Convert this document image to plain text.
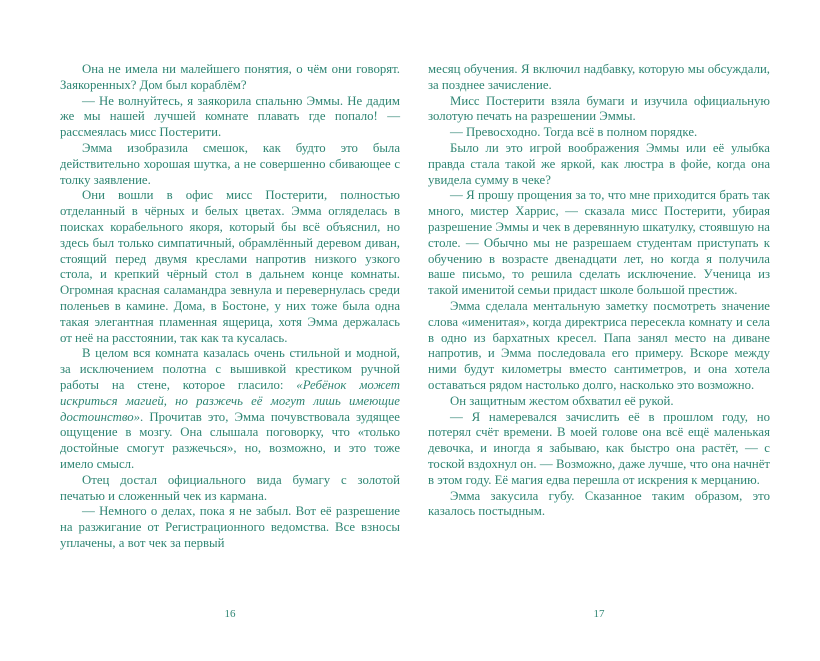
Она не имела ни малейшего понятия, о чём они говорят. Заякоренных? Дом был кораблём?

— Не волнуйтесь, я заякорила спальню Эммы. Не дадим же мы нашей лучшей комнате плавать где попало! — рассмеялась мисс Постерити.

Эмма изобразила смешок, как будто это была действительно хорошая шутка, а не совершенно сбивающее с толку заявление.

Они вошли в офис мисс Постерити, полностью отделанный в чёрных и белых цветах. Эмма огляделась в поисках корабельного якоря, который бы всё объяснил, но здесь был только симпатичный, обрамлённый деревом диван, стоящий перед двумя креслами напротив низкого узкого стола, и крепкий чёрный стол в дальнем конце комнаты. Огромная красная саламандра зевнула и перевернулась среди поленьев в камине. Дома, в Бостоне, у них тоже была одна такая элегантная пламенная ящерица, хотя Эмма держалась от неё на расстоянии, так как та кусалась.

В целом вся комната казалась очень стильной и модной, за исключением полотна с вышивкой крестиком ручной работы на стене, которое гласило: «Ребёнок может искриться магией, но разжечь её могут лишь имеющие достоинство». Прочитав это, Эмма почувствовала зудящее ощущение в мозгу. Она слышала поговорку, что «только достойные смогут разжечься», но, возможно, и это тоже имело смысл.

Отец достал официального вида бумагу с золотой печатью и сложенный чек из кармана.

— Немного о делах, пока я не забыл. Вот её разрешение на разжигание от Регистрационного ведомства. Все взносы уплачены, а вот чек за первый

16

месяц обучения. Я включил надбавку, которую мы обсуждали, за позднее зачисление.

Мисс Постерити взяла бумаги и изучила официальную золотую печать на разрешении Эммы.

— Превосходно. Тогда всё в полном порядке.

Было ли это игрой воображения Эммы или её улыбка правда стала такой же яркой, как люстра в фойе, когда она увидела сумму в чеке?

— Я прошу прощения за то, что мне приходится брать так много, мистер Харрис, — сказала мисс Постерити, убирая разрешение Эммы и чек в деревянную шкатулку, стоявшую на столе. — Обычно мы не разрешаем студентам приступать к обучению в возрасте двенадцати лет, но когда я получила ваше письмо, то решила сделать исключение. Ученица из такой именитой семьи придаст школе большой престиж.

Эмма сделала ментальную заметку посмотреть значение слова «именитая», когда директриса пересекла комнату и села в одно из бархатных кресел. Папа занял место на диване напротив, и Эмма последовала его примеру. Вскоре между ними будут километры вместо сантиметров, и она хотела оставаться рядом настолько долго, насколько это возможно.

Он защитным жестом обхватил её рукой.

— Я намеревался зачислить её в прошлом году, но потерял счёт времени. В моей голове она всё ещё маленькая девочка, и иногда я забываю, как быстро она растёт, — с тоской вздохнул он. — Возможно, даже лучше, что она начнёт в этом году. Её магия едва перешла от искрения к мерцанию.

Эмма закусила губу. Сказанное таким образом, это казалось постыдным.

17
